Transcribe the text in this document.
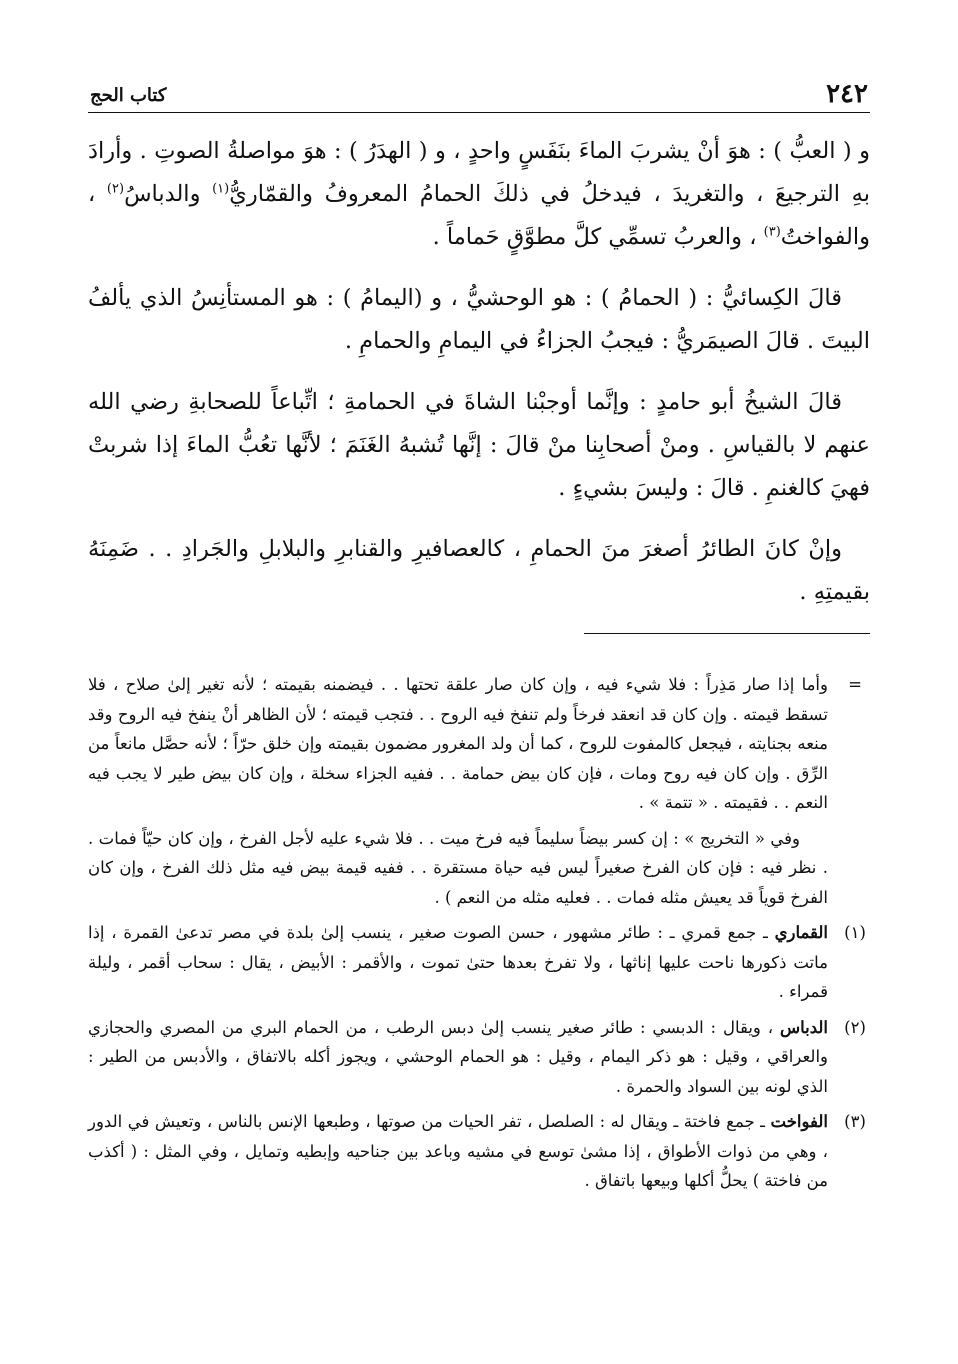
٢٤٢
كتاب الحج

و ( العبُّ ) : هوَ أنْ يشربَ الماءَ بنَفَسٍ واحدٍ ، و ( الهدَرُ ) : هوَ مواصلةُ الصوتِ . وأرادَ بهِ الترجيعَ ، والتغريدَ ، فيدخلُ في ذلكَ الحمامُ المعروفُ والقمّاريُّ$^{(١)}$ والدباسُ$^{(٢)}$ ، والفواختُ$^{(٣)}$ ، والعربُ تسمِّي كلَّ مطوَّقٍ حَماماً .

قالَ الكِسائيُّ : ( الحمامُ ) : هو الوحشيُّ ، و (اليمامُ ) : هو المستأنِسُ الذي يألفُ البيتَ . قالَ الصيمَريُّ : فيجبُ الجزاءُ في اليمامِ والحمامِ .

قالَ الشيخُ أبو حامدٍ : وإنَّما أوجبْنا الشاةَ في الحمامةِ ؛ اتِّباعاً للصحابةِ رضي الله عنهم لا بالقياسِ . ومنْ أصحابِنا منْ قالَ : إنَّها تُشبهُ الغَنَمَ ؛ لأنَّها تعُبُّ الماءَ إذا شربتْ فهيَ كالغنمِ . قالَ : وليسَ بشيءٍ .

وإنْ كانَ الطائرُ أصغرَ منَ الحمامِ ، كالعصافيرِ والقنابرِ والبلابلِ والجَرادِ . . ضَمِنَهُ بقيمتِهِ .

=
وأما إذا صار مَذِراً : فلا شيء فيه ، وإن كان صار علقة تحتها . . فيضمنه بقيمته ؛ لأنه تغير إلىٰ صلاح ، فلا تسقط قيمته . وإن كان قد انعقد فرخاً ولم تنفخ فيه الروح . . فتجب قيمته ؛ لأن الظاهر أنْ ينفخ فيه الروح وقد منعه بجنايته ، فيجعل كالمفوت للروح ، كما أن ولد المغرور مضمون بقيمته وإن خلق حرّاً ؛ لأنه حصَّل مانعاً من الرِّق . وإن كان فيه روح ومات ، فإن كان بيض حمامة . . ففيه الجزاء سخلة ، وإن كان بيض طير لا يجب فيه النعم . . فقيمته . « تتمة » .
وفي « التخريج » : إن كسر بيضاً سليماً فيه فرخ ميت . . فلا شيء عليه لأجل الفرخ ، وإن كان حيّاً فمات . . نظر فيه : فإن كان الفرخ صغيراً ليس فيه حياة مستقرة . . ففيه قيمة بيض فيه مثل ذلك الفرخ ، وإن كان الفرخ قوياً قد يعيش مثله فمات . . فعليه مثله من النعم ) .
(١)
القماري ـ جمع قمري ـ : طائر مشهور ، حسن الصوت صغير ، ينسب إلىٰ بلدة في مصر تدعىٰ القمرة ، إذا ماتت ذكورها ناحت عليها إناثها ، ولا تفرخ بعدها حتىٰ تموت ، والأقمر : الأبيض ، يقال : سحاب أقمر ، وليلة قمراء .
(٢)
الدباس ، ويقال : الدبسي : طائر صغير ينسب إلىٰ دبس الرطب ، من الحمام البري من المصري والحجازي والعراقي ، وقيل : هو ذكر اليمام ، وقيل : هو الحمام الوحشي ، ويجوز أكله بالاتفاق ، والأدبس من الطير : الذي لونه بين السواد والحمرة .
(٣)
الفواخت ـ جمع فاختة ـ ويقال له : الصلصل ، تفر الحيات من صوتها ، وطبعها الإنس بالناس ، وتعيش في الدور ، وهي من ذوات الأطواق ، إذا مشىٰ توسع في مشيه وباعد بين جناحيه وإبطيه وتمايل ، وفي المثل : ( أكذب من فاختة ) يحلُّ أكلها وبيعها باتفاق .
